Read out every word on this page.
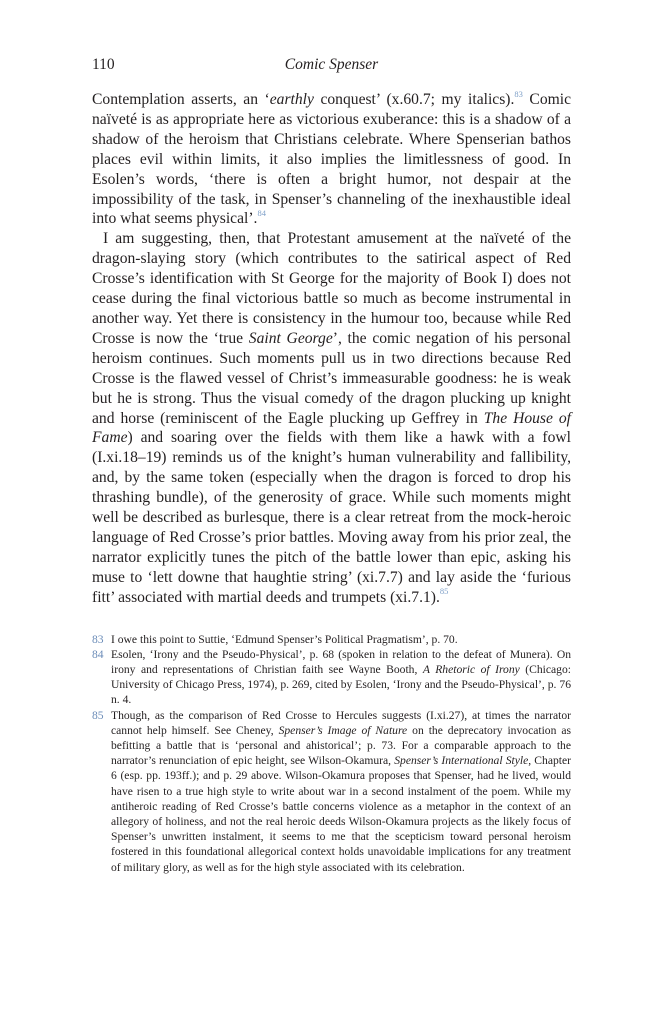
110	Comic Spenser

Contemplation asserts, an ‘earthly conquest’ (x.60.7; my italics).$^{83}$ Comic naïveté is as appropriate here as victorious exuberance: this is a shadow of a shadow of the heroism that Christians celebrate. Where Spenserian bathos places evil within limits, it also implies the limitlessness of good. In Esolen’s words, ‘there is often a bright humor, not despair at the impossibility of the task, in Spenser’s channeling of the inexhaustible ideal into what seems physical’.$^{84}$

I am suggesting, then, that Protestant amusement at the naïveté of the dragon-slaying story (which contributes to the satirical aspect of Red Crosse’s identification with St George for the majority of Book I) does not cease during the final victorious battle so much as become instrumental in another way. Yet there is consistency in the humour too, because while Red Crosse is now the ‘true Saint George’, the comic negation of his personal heroism continues. Such moments pull us in two directions because Red Crosse is the flawed vessel of Christ’s immeasurable goodness: he is weak but he is strong. Thus the visual comedy of the dragon plucking up knight and horse (reminiscent of the Eagle plucking up Geffrey in The House of Fame) and soaring over the fields with them like a hawk with a fowl (I.xi.18–19) reminds us of the knight’s human vulnerability and fallibility, and, by the same token (especially when the dragon is forced to drop his thrashing bundle), of the generosity of grace. While such moments might well be described as burlesque, there is a clear retreat from the mock-heroic language of Red Crosse’s prior battles. Moving away from his prior zeal, the narrator explicitly tunes the pitch of the battle lower than epic, asking his muse to ‘lett downe that haughtie string’ (xi.7.7) and lay aside the ‘furious fitt’ associated with martial deeds and trumpets (xi.7.1).$^{85}$

83 I owe this point to Suttie, ‘Edmund Spenser’s Political Pragmatism’, p. 70.

84 Esolen, ‘Irony and the Pseudo-Physical’, p. 68 (spoken in relation to the defeat of Munera). On irony and representations of Christian faith see Wayne Booth, A Rhetoric of Irony (Chicago: University of Chicago Press, 1974), p. 269, cited by Esolen, ‘Irony and the Pseudo-Physical’, p. 76 n. 4.

85 Though, as the comparison of Red Crosse to Hercules suggests (I.xi.27), at times the narrator cannot help himself. See Cheney, Spenser’s Image of Nature on the deprecatory invocation as befitting a battle that is ‘personal and ahistorical’; p. 73. For a comparable approach to the narrator’s renunciation of epic height, see Wilson-Okamura, Spenser’s International Style, Chapter 6 (esp. pp. 193ff.); and p. 29 above. Wilson-Okamura proposes that Spenser, had he lived, would have risen to a true high style to write about war in a second instalment of the poem. While my antiheroic reading of Red Crosse’s battle concerns violence as a metaphor in the context of an allegory of holiness, and not the real heroic deeds Wilson-Okamura projects as the likely focus of Spenser’s unwritten instalment, it seems to me that the scepticism toward personal heroism fostered in this foundational allegorical context holds unavoidable implications for any treatment of military glory, as well as for the high style associated with its celebration.
